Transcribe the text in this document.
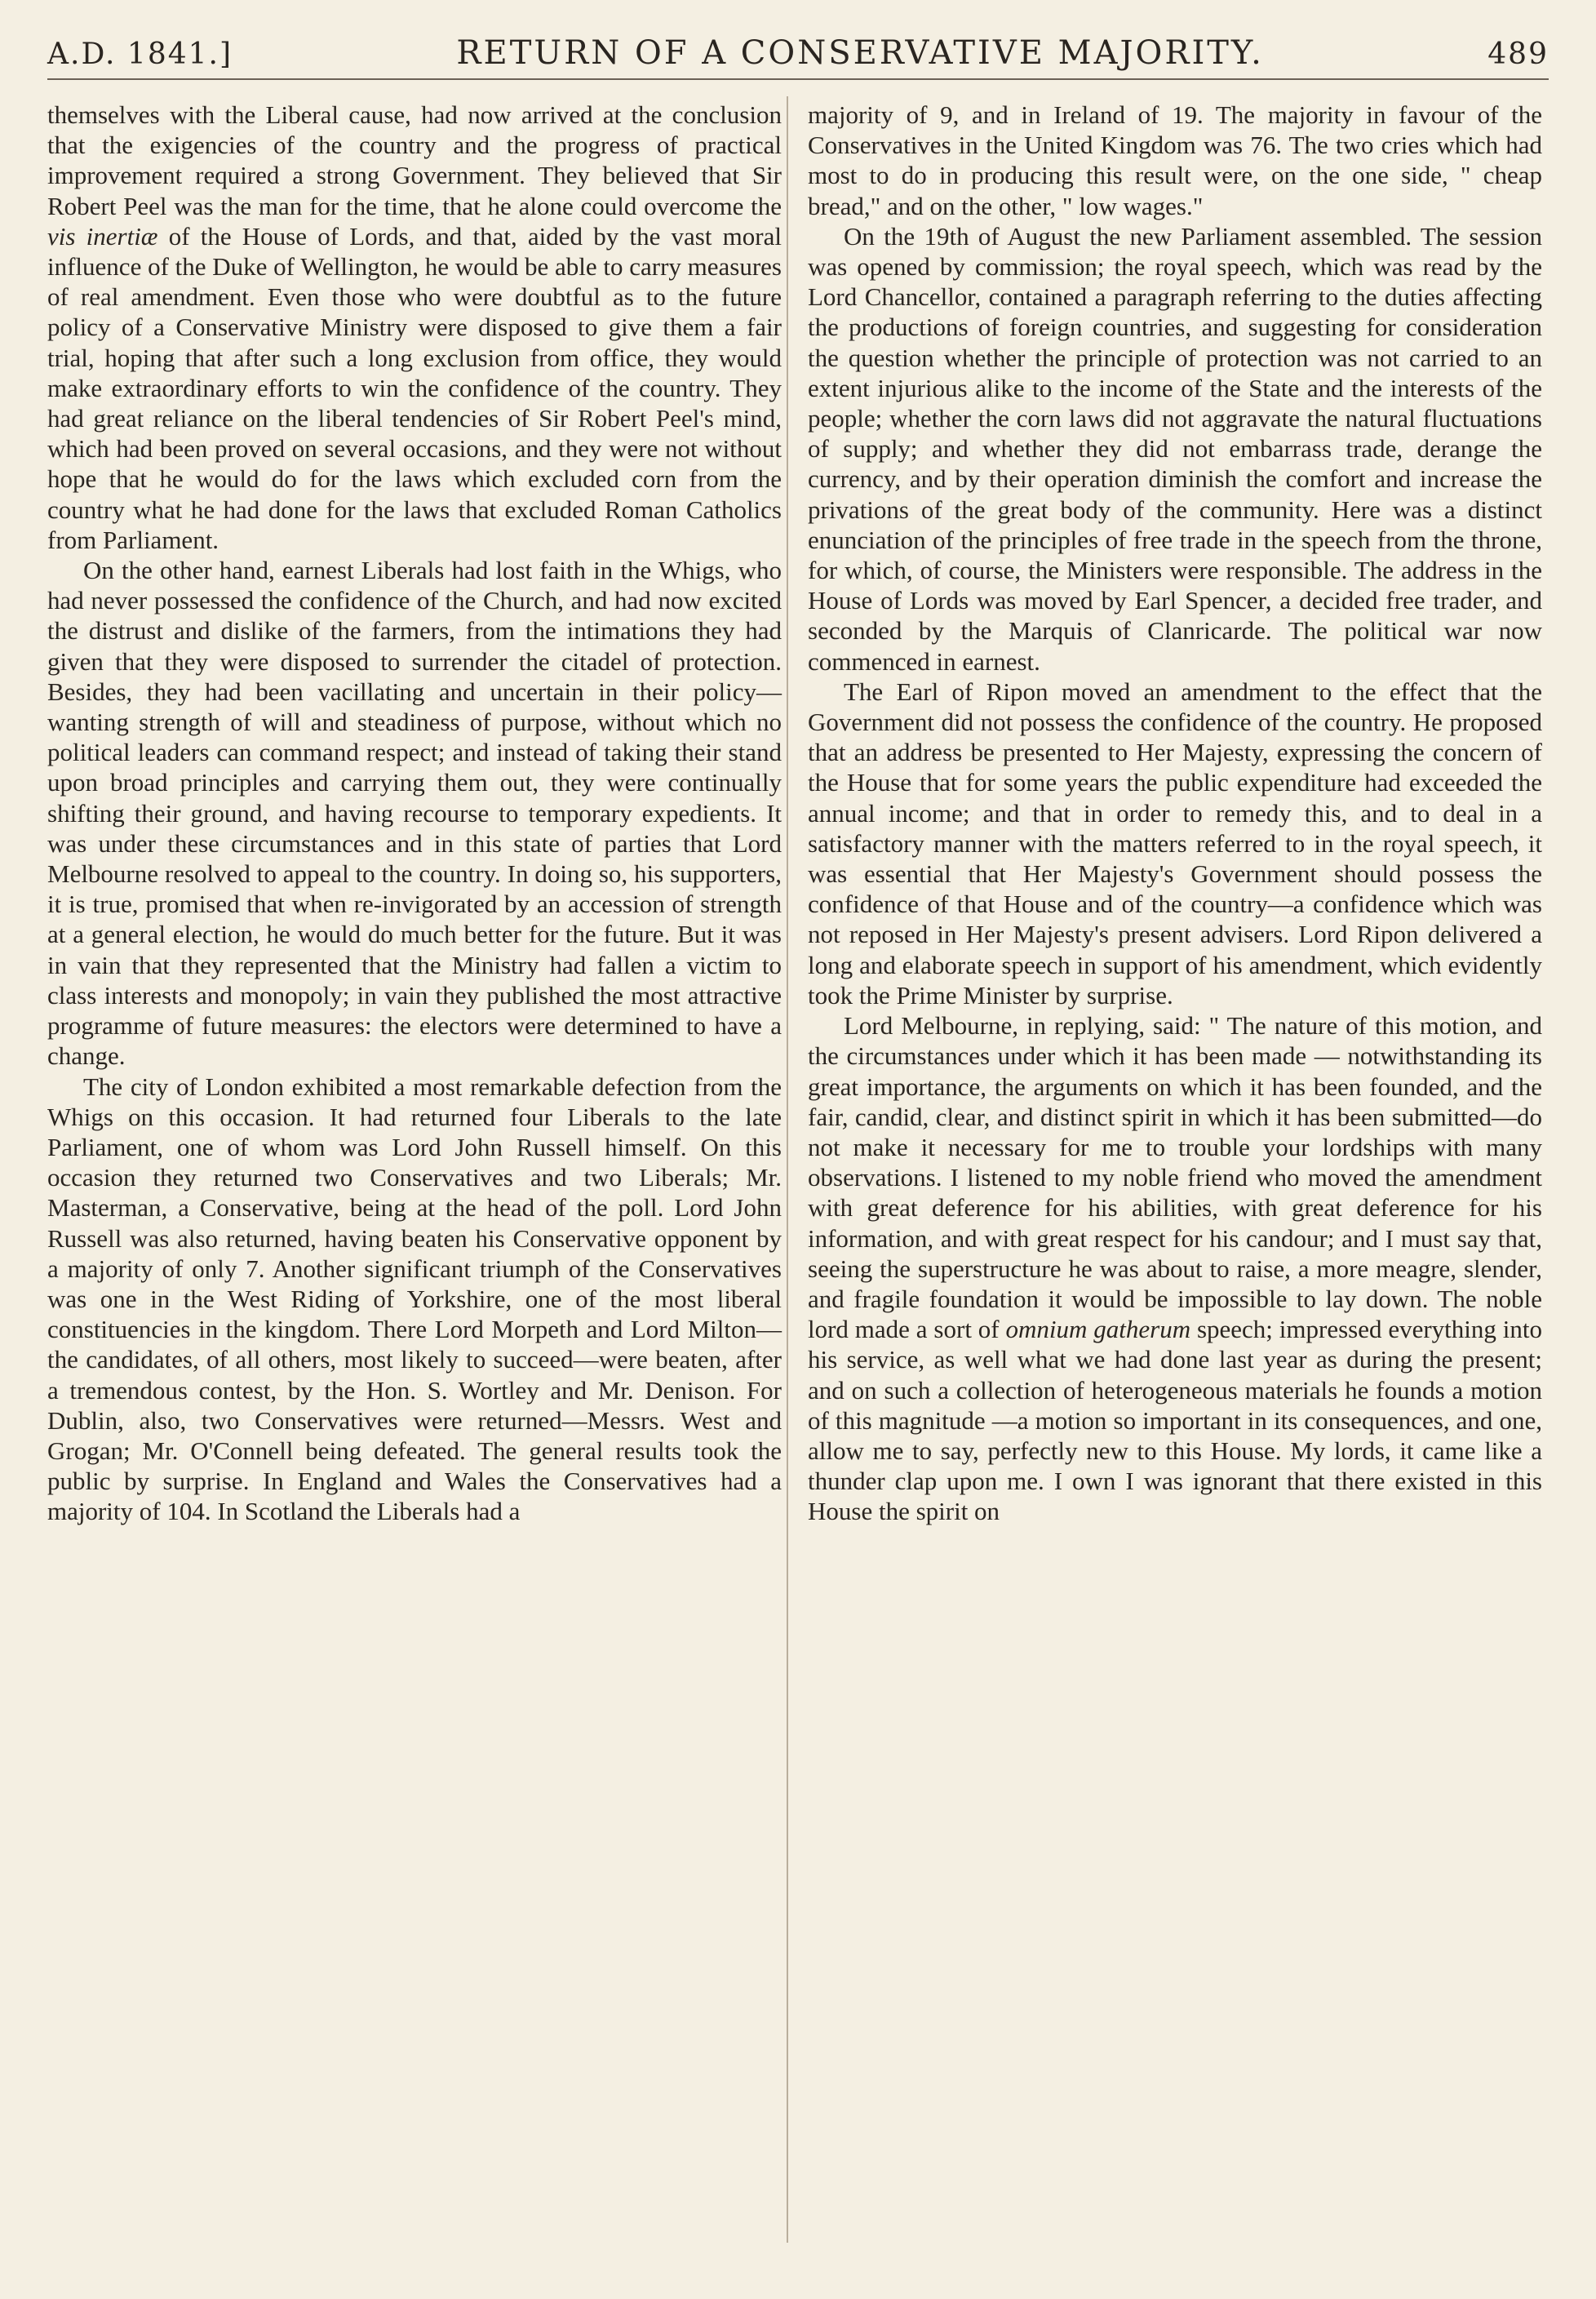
A.D. 1841.]	RETURN OF A CONSERVATIVE MAJORITY.	489

themselves with the Liberal cause, had now arrived at the conclusion that the exigencies of the country and the progress of practical improvement required a strong Government. They believed that Sir Robert Peel was the man for the time, that he alone could overcome the vis inertiæ of the House of Lords, and that, aided by the vast moral influence of the Duke of Wellington, he would be able to carry measures of real amendment. Even those who were doubtful as to the future policy of a Conservative Ministry were disposed to give them a fair trial, hoping that after such a long exclusion from office, they would make extraordinary efforts to win the confidence of the country. They had great reliance on the liberal tendencies of Sir Robert Peel's mind, which had been proved on several occasions, and they were not without hope that he would do for the laws which excluded corn from the country what he had done for the laws that excluded Roman Catholics from Parliament.

On the other hand, earnest Liberals had lost faith in the Whigs, who had never possessed the confidence of the Church, and had now excited the distrust and dislike of the farmers, from the intimations they had given that they were disposed to surrender the citadel of protection. Besides, they had been vacillating and uncertain in their policy—wanting strength of will and steadiness of purpose, without which no political leaders can command respect; and instead of taking their stand upon broad principles and carrying them out, they were continually shifting their ground, and having recourse to temporary expedients. It was under these circumstances and in this state of parties that Lord Melbourne resolved to appeal to the country. In doing so, his supporters, it is true, promised that when re-invigorated by an accession of strength at a general election, he would do much better for the future. But it was in vain that they represented that the Ministry had fallen a victim to class interests and monopoly; in vain they published the most attractive programme of future measures: the electors were determined to have a change.

The city of London exhibited a most remarkable defection from the Whigs on this occasion. It had returned four Liberals to the late Parliament, one of whom was Lord John Russell himself. On this occasion they returned two Conservatives and two Liberals; Mr. Masterman, a Conservative, being at the head of the poll. Lord John Russell was also returned, having beaten his Conservative opponent by a majority of only 7. Another significant triumph of the Conservatives was one in the West Riding of Yorkshire, one of the most liberal constituencies in the kingdom. There Lord Morpeth and Lord Milton—the candidates, of all others, most likely to succeed—were beaten, after a tremendous contest, by the Hon. S. Wortley and Mr. Denison. For Dublin, also, two Conservatives were returned—Messrs. West and Grogan; Mr. O'Connell being defeated. The general results took the public by surprise. In England and Wales the Conservatives had a majority of 104. In Scotland the Liberals had a

majority of 9, and in Ireland of 19. The majority in favour of the Conservatives in the United Kingdom was 76. The two cries which had most to do in producing this result were, on the one side, " cheap bread," and on the other, " low wages."

On the 19th of August the new Parliament assembled. The session was opened by commission; the royal speech, which was read by the Lord Chancellor, contained a paragraph referring to the duties affecting the productions of foreign countries, and suggesting for consideration the question whether the principle of protection was not carried to an extent injurious alike to the income of the State and the interests of the people; whether the corn laws did not aggravate the natural fluctuations of supply; and whether they did not embarrass trade, derange the currency, and by their operation diminish the comfort and increase the privations of the great body of the community. Here was a distinct enunciation of the principles of free trade in the speech from the throne, for which, of course, the Ministers were responsible. The address in the House of Lords was moved by Earl Spencer, a decided free trader, and seconded by the Marquis of Clanricarde. The political war now commenced in earnest.

The Earl of Ripon moved an amendment to the effect that the Government did not possess the confidence of the country. He proposed that an address be presented to Her Majesty, expressing the concern of the House that for some years the public expenditure had exceeded the annual income; and that in order to remedy this, and to deal in a satisfactory manner with the matters referred to in the royal speech, it was essential that Her Majesty's Government should possess the confidence of that House and of the country—a confidence which was not reposed in Her Majesty's present advisers. Lord Ripon delivered a long and elaborate speech in support of his amendment, which evidently took the Prime Minister by surprise.

Lord Melbourne, in replying, said: " The nature of this motion, and the circumstances under which it has been made — notwithstanding its great importance, the arguments on which it has been founded, and the fair, candid, clear, and distinct spirit in which it has been submitted—do not make it necessary for me to trouble your lordships with many observations. I listened to my noble friend who moved the amendment with great deference for his abilities, with great deference for his information, and with great respect for his candour; and I must say that, seeing the superstructure he was about to raise, a more meagre, slender, and fragile foundation it would be impossible to lay down. The noble lord made a sort of omnium gatherum speech; impressed everything into his service, as well what we had done last year as during the present; and on such a collection of heterogeneous materials he founds a motion of this magnitude —a motion so important in its consequences, and one, allow me to say, perfectly new to this House. My lords, it came like a thunder clap upon me. I own I was ignorant that there existed in this House the spirit on
